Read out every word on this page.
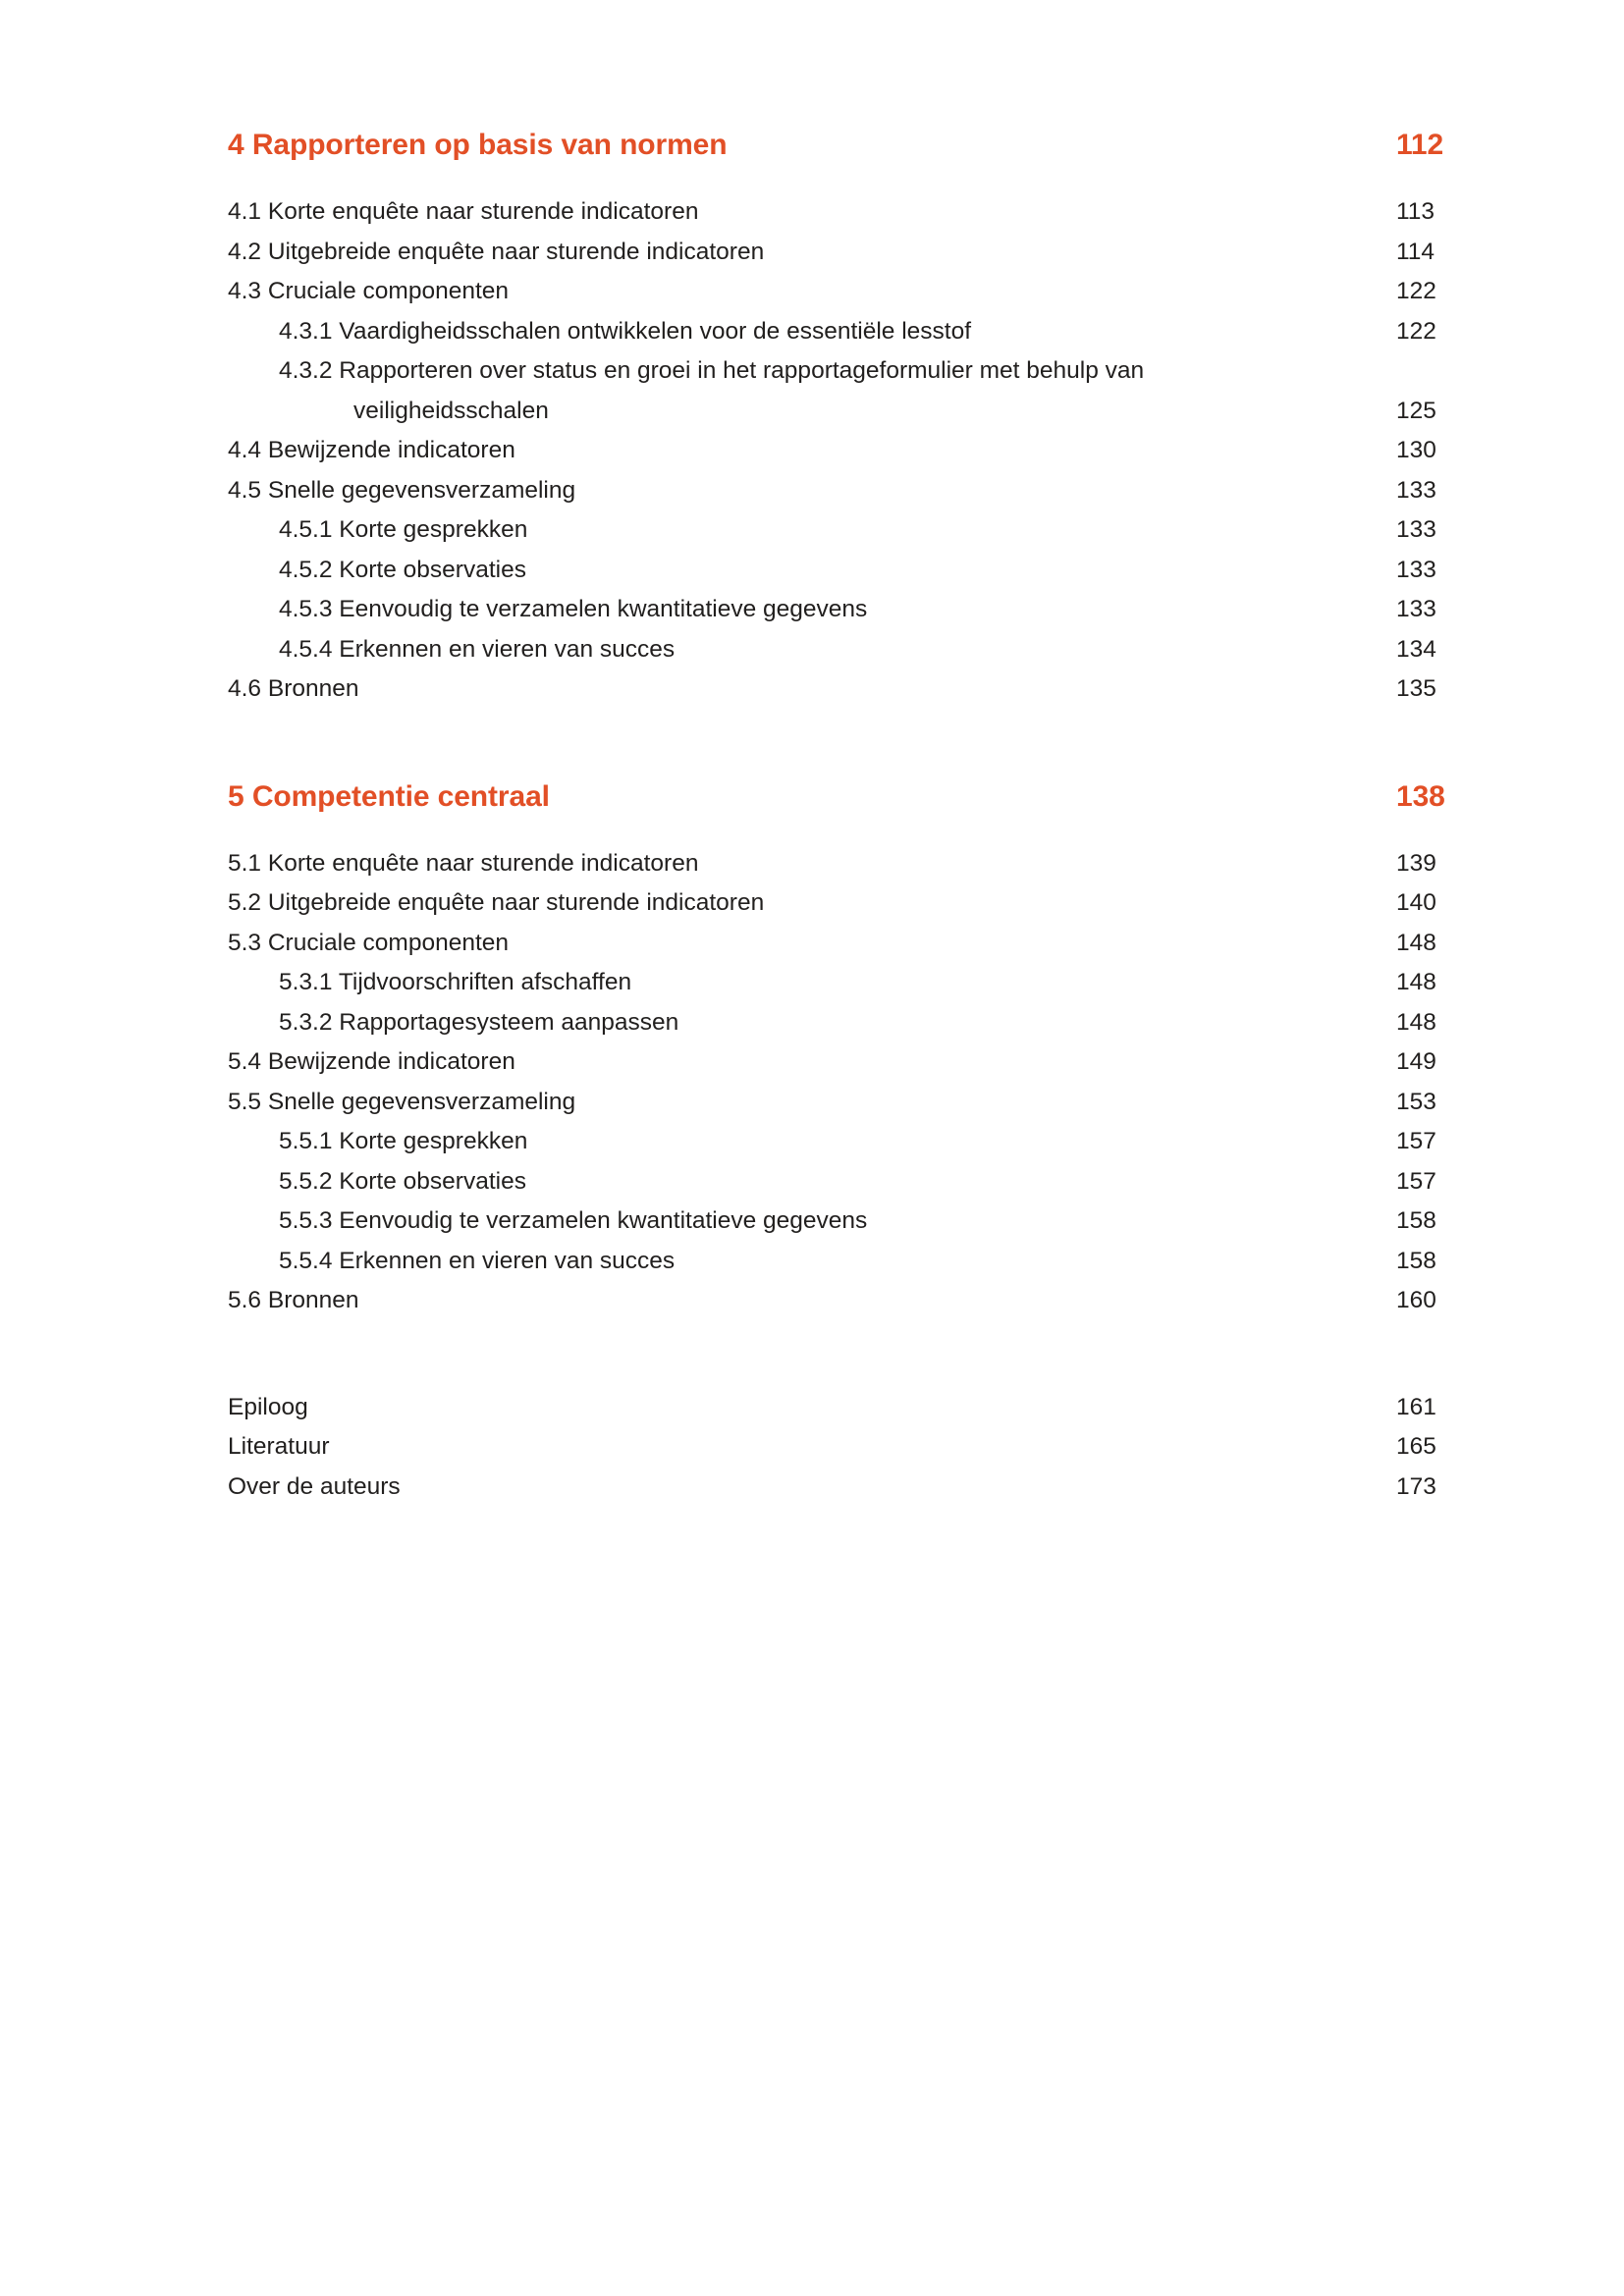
4 Rapporteren op basis van normen	112
4.1 Korte enquête naar sturende indicatoren	113
4.2 Uitgebreide enquête naar sturende indicatoren	114
4.3 Cruciale componenten	122
4.3.1 Vaardigheidsschalen ontwikkelen voor de essentiële lesstof	122
4.3.2 Rapporteren over status en groei in het rapportageformulier met behulp van veiligheidsschalen	125
4.4 Bewijzende indicatoren	130
4.5 Snelle gegevensverzameling	133
4.5.1 Korte gesprekken	133
4.5.2 Korte observaties	133
4.5.3 Eenvoudig te verzamelen kwantitatieve gegevens	133
4.5.4 Erkennen en vieren van succes	134
4.6 Bronnen	135
5 Competentie centraal	138
5.1 Korte enquête naar sturende indicatoren	139
5.2 Uitgebreide enquête naar sturende indicatoren	140
5.3 Cruciale componenten	148
5.3.1 Tijdvoorschriften afschaffen	148
5.3.2 Rapportagesysteem aanpassen	148
5.4 Bewijzende indicatoren	149
5.5 Snelle gegevensverzameling	153
5.5.1 Korte gesprekken	157
5.5.2 Korte observaties	157
5.5.3 Eenvoudig te verzamelen kwantitatieve gegevens	158
5.5.4 Erkennen en vieren van succes	158
5.6 Bronnen	160
Epiloog	161
Literatuur	165
Over de auteurs	173
